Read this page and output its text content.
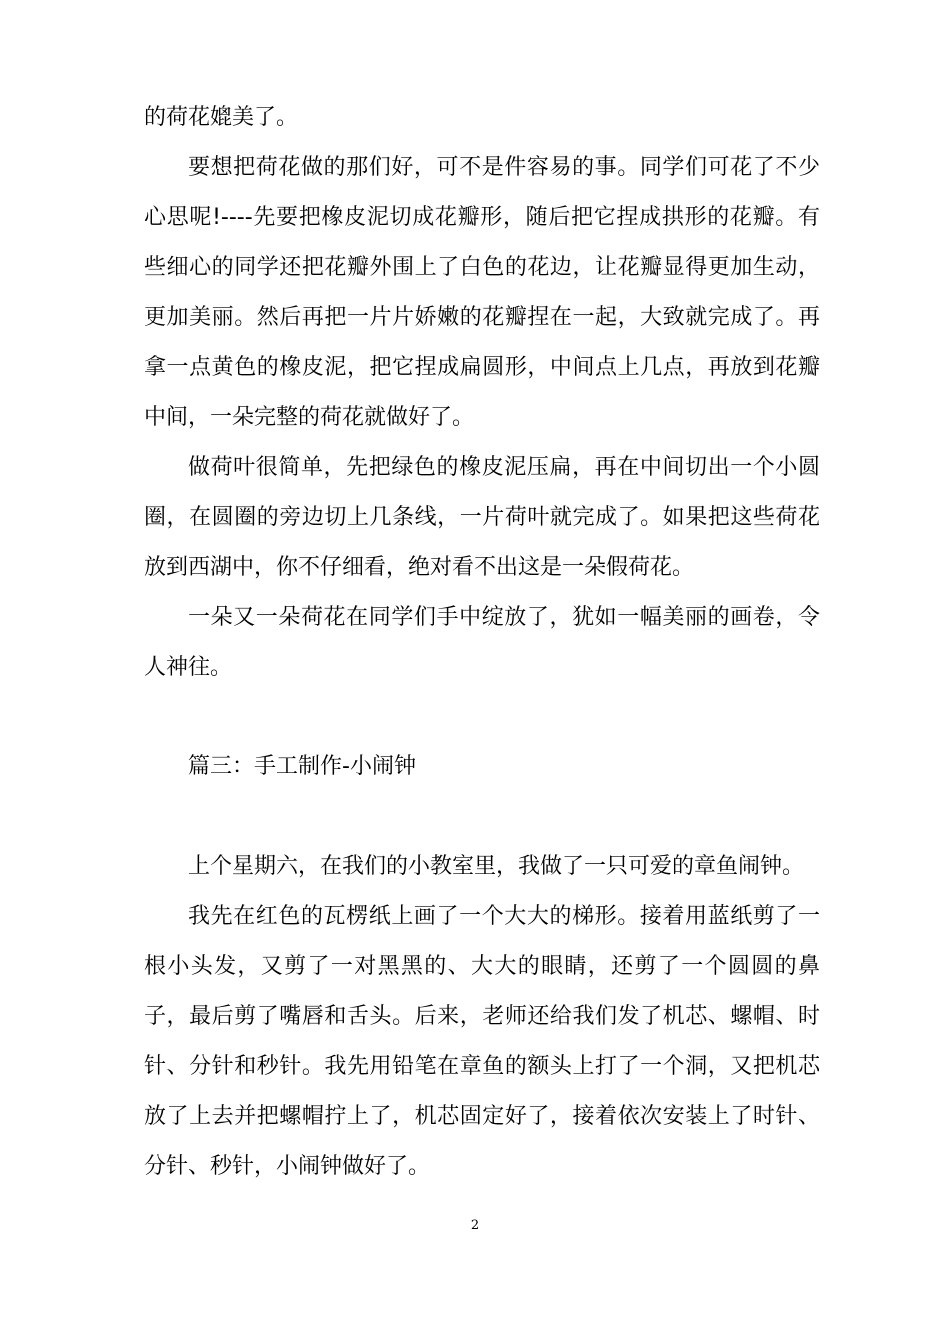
的荷花媲美了。

要想把荷花做的那们好，可不是件容易的事。同学们可花了不少心思呢!----先要把橡皮泥切成花瓣形，随后把它捏成拱形的花瓣。有些细心的同学还把花瓣外围上了白色的花边，让花瓣显得更加生动，更加美丽。然后再把一片片娇嫩的花瓣捏在一起，大致就完成了。再拿一点黄色的橡皮泥，把它捏成扁圆形，中间点上几点，再放到花瓣中间，一朵完整的荷花就做好了。

做荷叶很简单，先把绿色的橡皮泥压扁，再在中间切出一个小圆圈，在圆圈的旁边切上几条线，一片荷叶就完成了。如果把这些荷花放到西湖中，你不仔细看，绝对看不出这是一朵假荷花。

一朵又一朵荷花在同学们手中绽放了，犹如一幅美丽的画卷，令人神往。

篇三：手工制作-小闹钟

上个星期六，在我们的小教室里，我做了一只可爱的章鱼闹钟。

我先在红色的瓦楞纸上画了一个大大的梯形。接着用蓝纸剪了一根小头发，又剪了一对黑黑的、大大的眼睛，还剪了一个圆圆的鼻子，最后剪了嘴唇和舌头。后来，老师还给我们发了机芯、螺帽、时针、分针和秒针。我先用铅笔在章鱼的额头上打了一个洞，又把机芯放了上去并把螺帽拧上了，机芯固定好了，接着依次安装上了时针、分针、秒针，小闹钟做好了。

2
